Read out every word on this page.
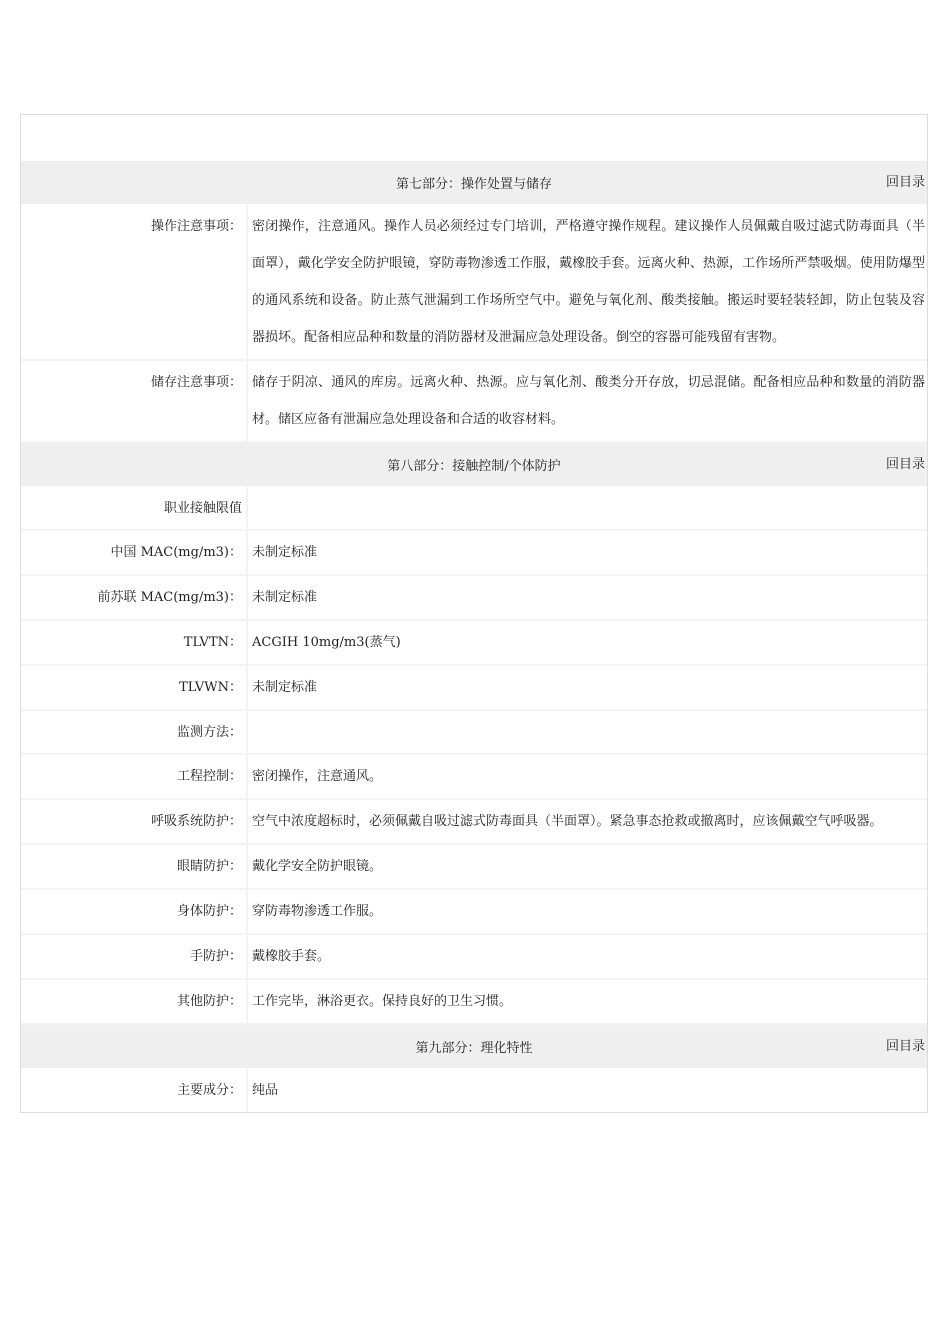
第七部分：操作处置与储存	回目录
操作注意事项： 密闭操作，注意通风。操作人员必须经过专门培训，严格遵守操作规程。建议操作人员佩戴自吸过滤式防毒面具（半面罩），戴化学安全防护眼镜，穿防毒物渗透工作服，戴橡胶手套。远离火种、热源，工作场所严禁吸烟。使用防爆型的通风系统和设备。防止蒸气泄漏到工作场所空气中。避免与氧化剂、酸类接触。搬运时要轻装轻卸，防止包装及容器损坏。配备相应品种和数量的消防器材及泄漏应急处理设备。倒空的容器可能残留有害物。
储存注意事项： 储存于阴凉、通风的库房。远离火种、热源。应与氧化剂、酸类分开存放，切忌混储。配备相应品种和数量的消防器材。储区应备有泄漏应急处理设备和合适的收容材料。
第八部分：接触控制/个体防护	回目录
职业接触限值
中国 MAC(mg/m3)： 未制定标准
前苏联 MAC(mg/m3)： 未制定标准
TLVTN： ACGIH 10mg/m3(蒸气)
TLVWN： 未制定标准
监测方法：
工程控制： 密闭操作，注意通风。
呼吸系统防护： 空气中浓度超标时，必须佩戴自吸过滤式防毒面具（半面罩）。紧急事态抢救或撤离时，应该佩戴空气呼吸器。
眼睛防护： 戴化学安全防护眼镜。
身体防护： 穿防毒物渗透工作服。
手防护： 戴橡胶手套。
其他防护： 工作完毕，淋浴更衣。保持良好的卫生习惯。
第九部分：理化特性	回目录
主要成分： 纯品
